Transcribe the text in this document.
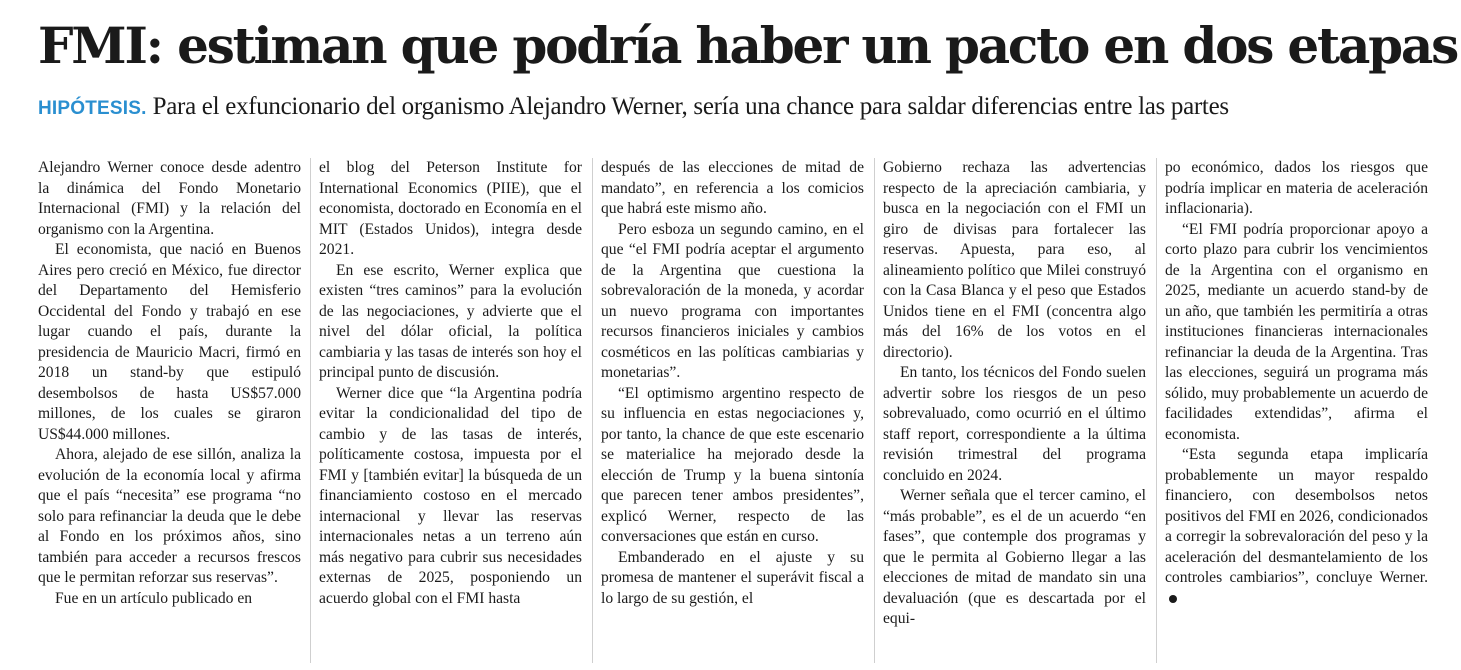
FMI: estiman que podría haber un pacto en dos etapas
HIPÓTESIS. Para el exfuncionario del organismo Alejandro Werner, sería una chance para saldar diferencias entre las partes

Alejandro Werner conoce desde adentro la dinámica del Fondo Monetario Internacional (FMI) y la relación del organismo con la Argentina.

El economista, que nació en Buenos Aires pero creció en México, fue director del Departamento del Hemisferio Occidental del Fondo y trabajó en ese lugar cuando el país, durante la presidencia de Mauricio Macri, firmó en 2018 un stand-by que estipuló desembolsos de hasta US$57.000 millones, de los cuales se giraron US$44.000 millones.

Ahora, alejado de ese sillón, analiza la evolución de la economía local y afirma que el país “necesita” ese programa “no solo para refinanciar la deuda que le debe al Fondo en los próximos años, sino también para acceder a recursos frescos que le permitan reforzar sus reservas”.

Fue en un artículo publicado en

el blog del Peterson Institute for International Economics (PIIE), que el economista, doctorado en Economía en el MIT (Estados Unidos), integra desde 2021.

En ese escrito, Werner explica que existen “tres caminos” para la evolución de las negociaciones, y advierte que el nivel del dólar oficial, la política cambiaria y las tasas de interés son hoy el principal punto de discusión.

Werner dice que “la Argentina podría evitar la condicionalidad del tipo de cambio y de las tasas de interés, políticamente costosa, impuesta por el FMI y [también evitar] la búsqueda de un financiamiento costoso en el mercado internacional y llevar las reservas internacionales netas a un terreno aún más negativo para cubrir sus necesidades externas de 2025, posponiendo un acuerdo global con el FMI hasta

después de las elecciones de mitad de mandato”, en referencia a los comicios que habrá este mismo año.

Pero esboza un segundo camino, en el que “el FMI podría aceptar el argumento de la Argentina que cuestiona la sobrevaloración de la moneda, y acordar un nuevo programa con importantes recursos financieros iniciales y cambios cosméticos en las políticas cambiarias y monetarias”.

“El optimismo argentino respecto de su influencia en estas negociaciones y, por tanto, la chance de que este escenario se materialice ha mejorado desde la elección de Trump y la buena sintonía que parecen tener ambos presidentes”, explicó Werner, respecto de las conversaciones que están en curso.

Embanderado en el ajuste y su promesa de mantener el superávit fiscal a lo largo de su gestión, el

Gobierno rechaza las advertencias respecto de la apreciación cambiaria, y busca en la negociación con el FMI un giro de divisas para fortalecer las reservas. Apuesta, para eso, al alineamiento político que Milei construyó con la Casa Blanca y el peso que Estados Unidos tiene en el FMI (concentra algo más del 16% de los votos en el directorio).

En tanto, los técnicos del Fondo suelen advertir sobre los riesgos de un peso sobrevaluado, como ocurrió en el último staff report, correspondiente a la última revisión trimestral del programa concluido en 2024.

Werner señala que el tercer camino, el “más probable”, es el de un acuerdo “en fases”, que contemple dos programas y que le permita al Gobierno llegar a las elecciones de mitad de mandato sin una devaluación (que es descartada por el equi-

po económico, dados los riesgos que podría implicar en materia de aceleración inflacionaria).

“El FMI podría proporcionar apoyo a corto plazo para cubrir los vencimientos de la Argentina con el organismo en 2025, mediante un acuerdo stand-by de un año, que también les permitiría a otras instituciones financieras internacionales refinanciar la deuda de la Argentina. Tras las elecciones, seguirá un programa más sólido, muy probablemente un acuerdo de facilidades extendidas”, afirma el economista.

“Esta segunda etapa implicaría probablemente un mayor respaldo financiero, con desembolsos netos positivos del FMI en 2026, condicionados a corregir la sobrevaloración del peso y la aceleración del desmantelamiento de los controles cambiarios”, concluye Werner.
